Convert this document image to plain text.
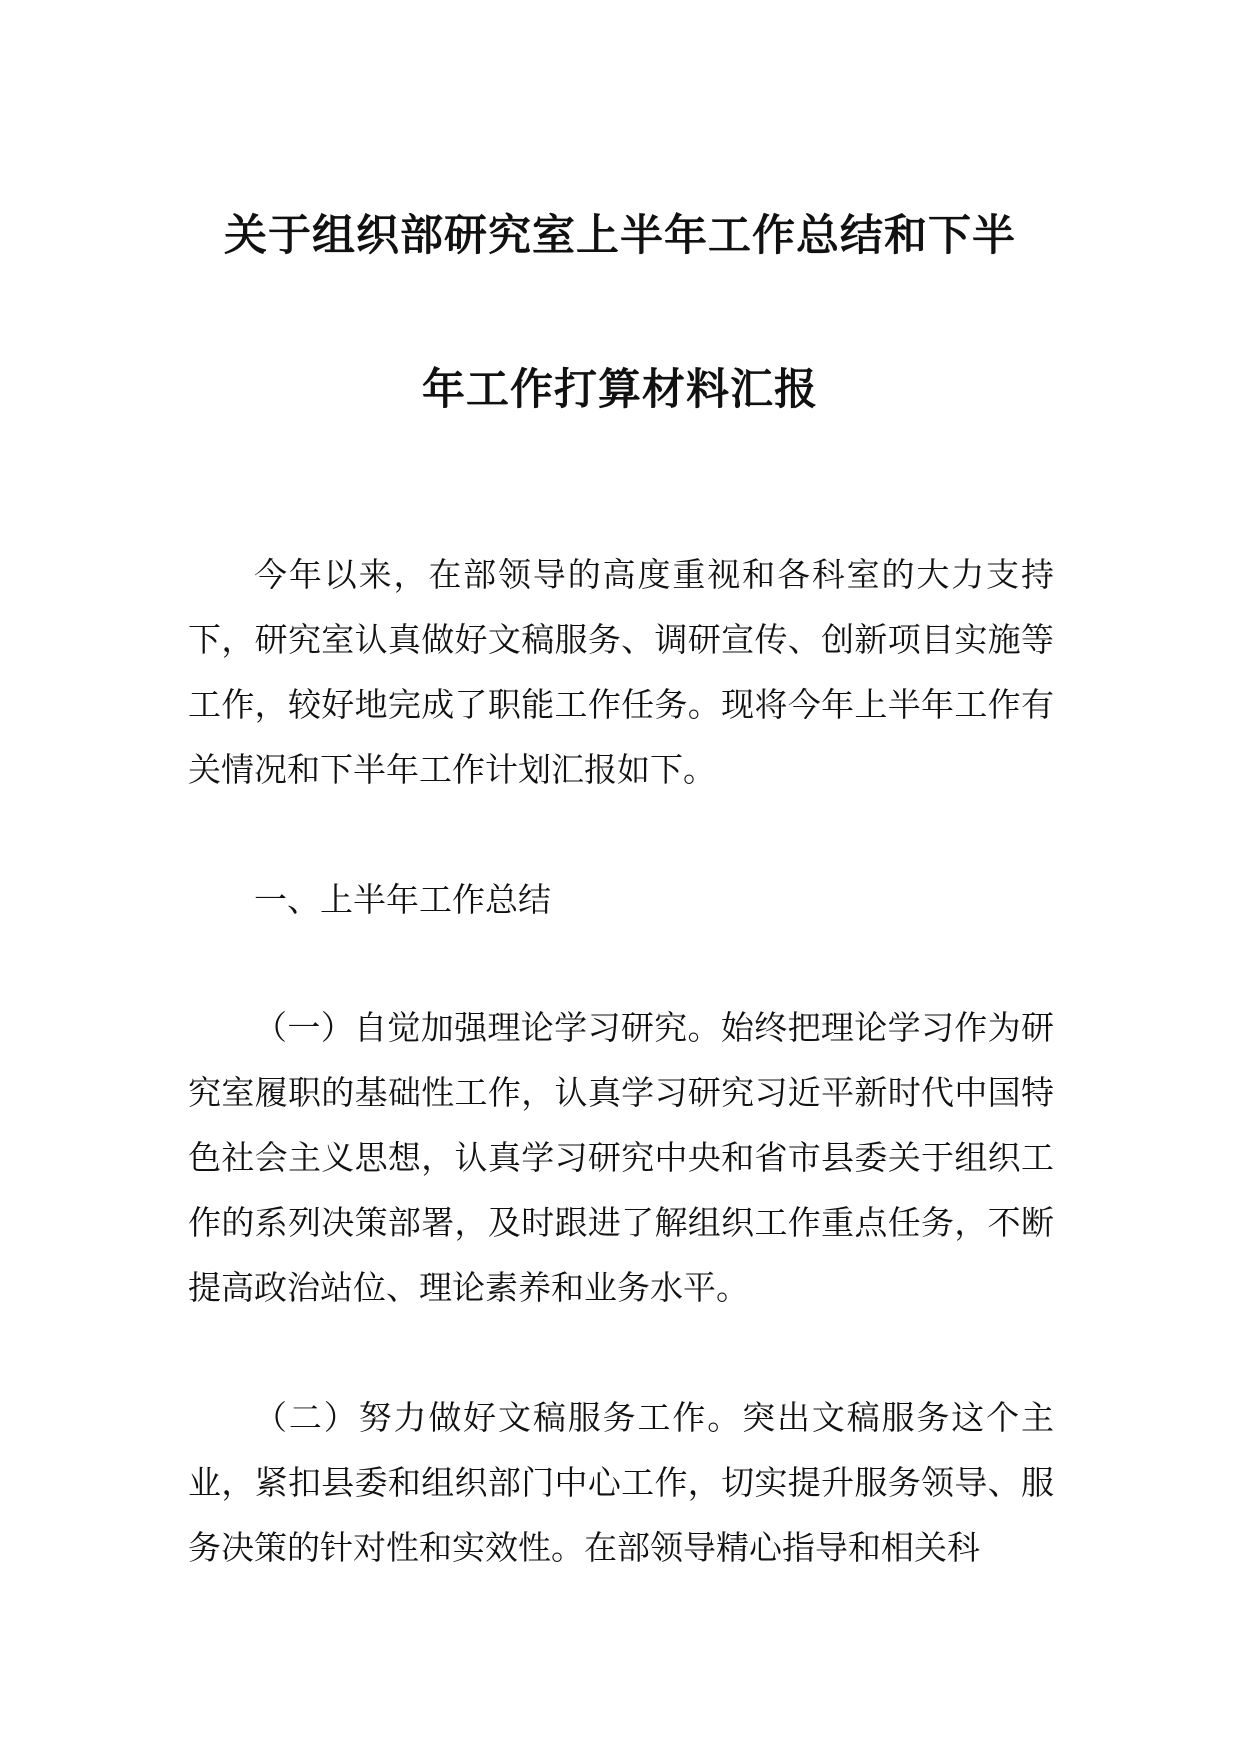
关于组织部研究室上半年工作总结和下半
年工作打算材料汇报

今年以来，在部领导的高度重视和各科室的大力支持下，研究室认真做好文稿服务、调研宣传、创新项目实施等工作，较好地完成了职能工作任务。现将今年上半年工作有关情况和下半年工作计划汇报如下。

一、上半年工作总结

（一）自觉加强理论学习研究。始终把理论学习作为研究室履职的基础性工作，认真学习研究习近平新时代中国特色社会主义思想，认真学习研究中央和省市县委关于组织工作的系列决策部署，及时跟进了解组织工作重点任务，不断提高政治站位、理论素养和业务水平。

（二）努力做好文稿服务工作。突出文稿服务这个主业，紧扣县委和组织部门中心工作，切实提升服务领导、服务决策的针对性和实效性。在部领导精心指导和相关科
